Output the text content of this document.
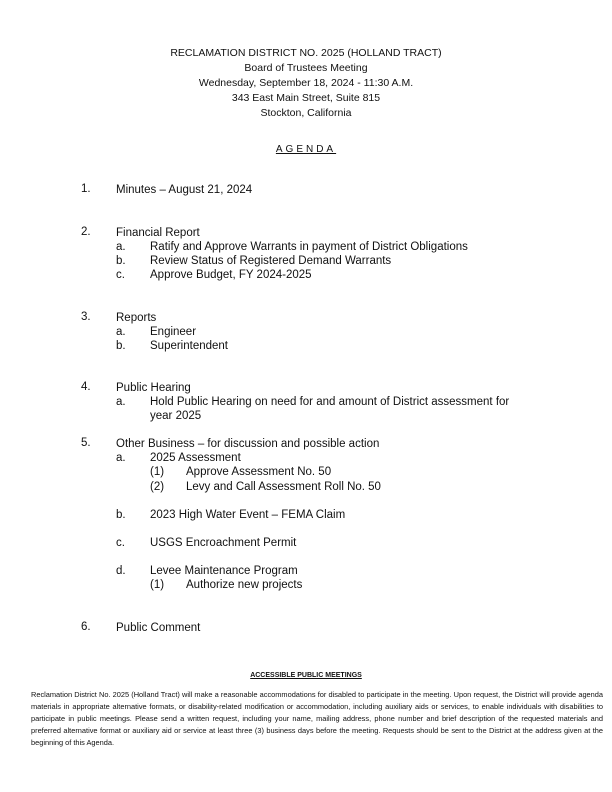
RECLAMATION DISTRICT NO. 2025 (HOLLAND TRACT)
Board of Trustees Meeting
Wednesday, September 18, 2024 - 11:30 A.M.
343 East Main Street, Suite 815
Stockton, California
AGENDA
1. Minutes – August 21, 2024
2. Financial Report
a. Ratify and Approve Warrants in payment of District Obligations
b. Review Status of Registered Demand Warrants
c. Approve Budget, FY 2024-2025
3. Reports
a. Engineer
b. Superintendent
4. Public Hearing
a. Hold Public Hearing on need for and amount of District assessment for
year 2025
5. Other Business – for discussion and possible action
a. 2025 Assessment
(1) Approve Assessment No. 50
(2) Levy and Call Assessment Roll No. 50
b. 2023 High Water Event – FEMA Claim
c. USGS Encroachment Permit
d. Levee Maintenance Program
(1) Authorize new projects
6. Public Comment
ACCESSIBLE PUBLIC MEETINGS
Reclamation District No. 2025 (Holland Tract) will make a reasonable accommodations for disabled to participate in the meeting. Upon request, the District will provide agenda materials in appropriate alternative formats, or disability-related modification or accommodation, including auxiliary aids or services, to enable individuals with disabilities to participate in public meetings. Please send a written request, including your name, mailing address, phone number and brief description of the requested materials and preferred alternative format or auxiliary aid or service at least three (3) business days before the meeting. Requests should be sent to the District at the address given at the beginning of this Agenda.
